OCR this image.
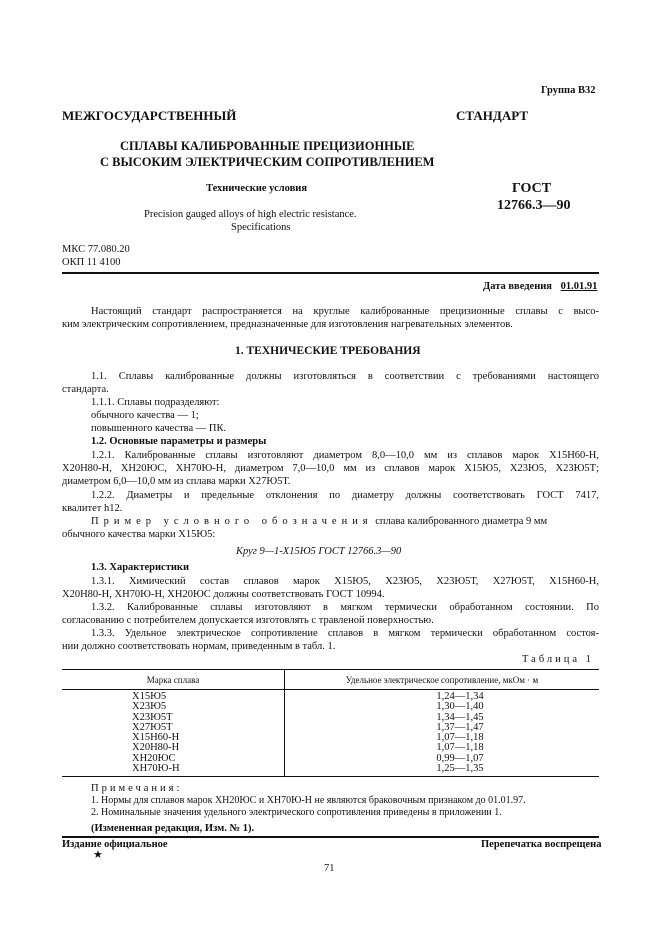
Группа В32
МЕЖГОСУДАРСТВЕННЫЙ	СТАНДАРТ
СПЛАВЫ КАЛИБРОВАННЫЕ ПРЕЦИЗИОННЫЕ
С ВЫСОКИМ ЭЛЕКТРИЧЕСКИМ СОПРОТИВЛЕНИЕМ
Технические условия	ГОСТ
12766.3—90
Precision gauged alloys of high electric resistance.
Specifications
МКС 77.080.20
ОКП 11 4100
Дата введения 01.01.91
Настоящий стандарт распространяется на круглые калиброванные прецизионные сплавы с высо-
ким электрическим сопротивлением, предназначенные для изготовления нагревательных элементов.
1. ТЕХНИЧЕСКИЕ ТРЕБОВАНИЯ
1.1. Сплавы калиброванные должны изготовляться в соответствии с требованиями настоящего
стандарта.
1.1.1. Сплавы подразделяют:
обычного качества — 1;
повышенного качества — ПК.
1.2. Основные параметры и размеры
1.2.1. Калиброванные сплавы изготовляют диаметром 8,0—10,0 мм из сплавов марок Х15Н60-Н,
Х20Н80-Н, ХН20ЮС, ХН70Ю-Н, диаметром 7,0—10,0 мм из сплавов марок Х15Ю5, Х23Ю5, Х23Ю5Т;
диаметром 6,0—10,0 мм из сплава марки Х27Ю5Т.
1.2.2. Диаметры и предельные отклонения по диаметру должны соответствовать ГОСТ 7417,
квалитет h12.
Пример условного обозначения сплава калиброванного диаметра 9 мм
обычного качества марки Х15Ю5:
Круг 9—1-Х15Ю5 ГОСТ 12766.3—90
1.3. Характеристики
1.3.1. Химический состав сплавов марок Х15Ю5, Х23Ю5, Х23Ю5Т, Х27Ю5Т, Х15Н60-Н,
Х20Н80-Н, ХН70Ю-Н, ХН20ЮС должны соответствовать ГОСТ 10994.
1.3.2. Калиброванные сплавы изготовляют в мягком термически обработанном состоянии. По
согласованию с потребителем допускается изготовлять с травленой поверхностью.
1.3.3. Удельное электрическое сопротивление сплавов в мягком термически обработанном состоя-
нии должно соответствовать нормам, приведенным в табл. 1.
Таблица 1
Марка сплава	Удельное электрическое сопротивление, мкОм · м
Х15Ю5	1,24—1,34
Х23Ю5	1,30—1,40
Х23Ю5Т	1,34—1,45
Х27Ю5Т	1,37—1,47
Х15Н60-Н	1,07—1,18
Х20Н80-Н	1,07—1,18
ХН20ЮС	0,99—1,07
ХН70Ю-Н	1,25—1,35
Примечания:
1. Нормы для сплавов марок ХН20ЮС и ХН70Ю-Н не являются браковочным признаком до 01.01.97.
2. Номинальные значения удельного электрического сопротивления приведены в приложении 1.
(Измененная редакция, Изм. № 1).
Издание официальное	Перепечатка воспрещена
★
71
